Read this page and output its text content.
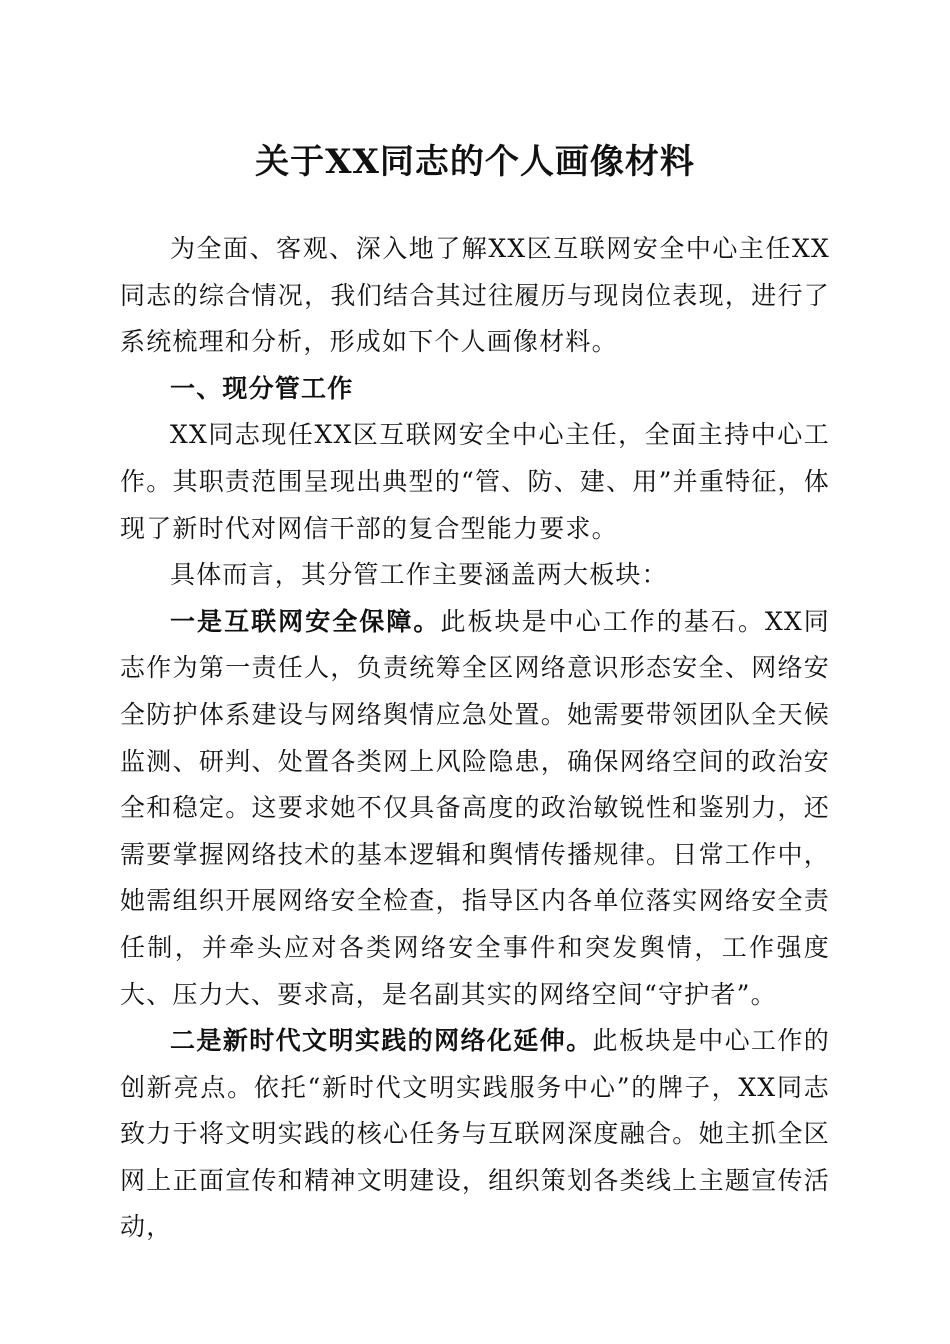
关于XX同志的个人画像材料

为全面、客观、深入地了解XX区互联网安全中心主任XX同志的综合情况，我们结合其过往履历与现岗位表现，进行了系统梳理和分析，形成如下个人画像材料。

一、现分管工作

XX同志现任XX区互联网安全中心主任，全面主持中心工作。其职责范围呈现出典型的“管、防、建、用”并重特征，体现了新时代对网信干部的复合型能力要求。

具体而言，其分管工作主要涵盖两大板块：

一是互联网安全保障。此板块是中心工作的基石。XX同志作为第一责任人，负责统筹全区网络意识形态安全、网络安全防护体系建设与网络舆情应急处置。她需要带领团队全天候监测、研判、处置各类网上风险隐患，确保网络空间的政治安全和稳定。这要求她不仅具备高度的政治敏锐性和鉴别力，还需要掌握网络技术的基本逻辑和舆情传播规律。日常工作中，她需组织开展网络安全检查，指导区内各单位落实网络安全责任制，并牵头应对各类网络安全事件和突发舆情，工作强度大、压力大、要求高，是名副其实的网络空间“守护者”。

二是新时代文明实践的网络化延伸。此板块是中心工作的创新亮点。依托“新时代文明实践服务中心”的牌子，XX同志致力于将文明实践的核心任务与互联网深度融合。她主抓全区网上正面宣传和精神文明建设，组织策划各类线上主题宣传活动，
